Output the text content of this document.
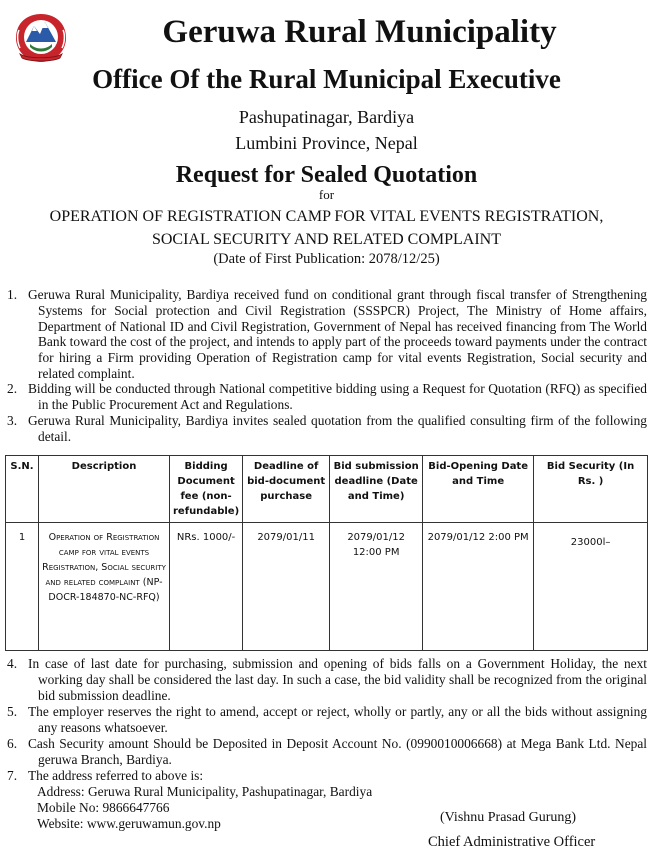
Geruwa Rural Municipality
Office Of the Rural Municipal Executive
Pashupatinagar, Bardiya
Lumbini Province, Nepal
Request for Sealed Quotation
for
OPERATION OF REGISTRATION CAMP FOR VITAL EVENTS REGISTRATION,
SOCIAL SECURITY AND RELATED COMPLAINT
(Date of First Publication: 2078/12/25)
1. Geruwa Rural Municipality, Bardiya received fund on conditional grant through fiscal transfer of Strengthening Systems for Social protection and Civil Registration (SSSPCR) Project, The Ministry of Home affairs, Department of National ID and Civil Registration, Government of Nepal has received financing from The World Bank toward the cost of the project, and intends to apply part of the proceeds toward payments under the contract for hiring a Firm providing Operation of Registration camp for vital events Registration, Social security and related complaint.
2. Bidding will be conducted through National competitive bidding using a Request for Quotation (RFQ) as specified in the Public Procurement Act and Regulations.
3. Geruwa Rural Municipality, Bardiya invites sealed quotation from the qualified consulting firm of the following detail.
S.N.	Description	Bidding Document fee (non-refundable)	Deadline of bid-document purchase	Bid submission deadline (Date and Time)	Bid-Opening Date and Time	Bid Security (In Rs. )
1	Operation of Registration camp for vital events Registration, Social security and related complaint (NP-DOCR-184870-NC-RFQ)	NRs. 1000/-	2079/01/11	2079/01/12 12:00 PM	2079/01/12 2:00 PM	23000l–
4. In case of last date for purchasing, submission and opening of bids falls on a Government Holiday, the next working day shall be considered the last day. In such a case, the bid validity shall be recognized from the original bid submission deadline.
5. The employer reserves the right to amend, accept or reject, wholly or partly, any or all the bids without assigning any reasons whatsoever.
6. Cash Security amount Should be Deposited in Deposit Account No. (0990010006668) at Mega Bank Ltd. Nepal geruwa Branch, Bardiya.
7. The address referred to above is:
Address: Geruwa Rural Municipality, Pashupatinagar, Bardiya
Mobile No: 9866647766
Website: www.geruwamun.gov.np	(Vishnu Prasad Gurung)
Chief Administrative Officer
